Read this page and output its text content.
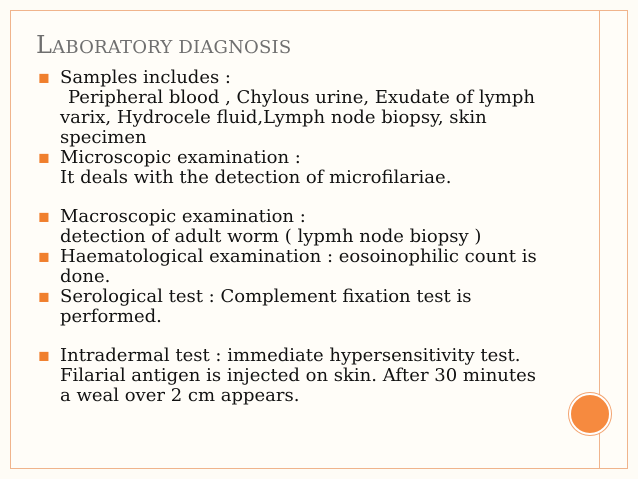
LABORATORY DIAGNOSIS
◼ Samples includes :
Peripheral blood , Chylous urine, Exudate of lymph
varix, Hydrocele fluid,Lymph node biopsy, skin
specimen
◼ Microscopic examination :
It deals with the detection of microfilariae.
◼ Macroscopic examination :
detection of adult worm ( lypmh node biopsy )
◼ Haematological examination : eosoinophilic count is
done.
◼ Serological test : Complement fixation test is
performed.
◼ Intradermal test : immediate hypersensitivity test.
Filarial antigen is injected on skin. After 30 minutes
a weal over 2 cm appears.
